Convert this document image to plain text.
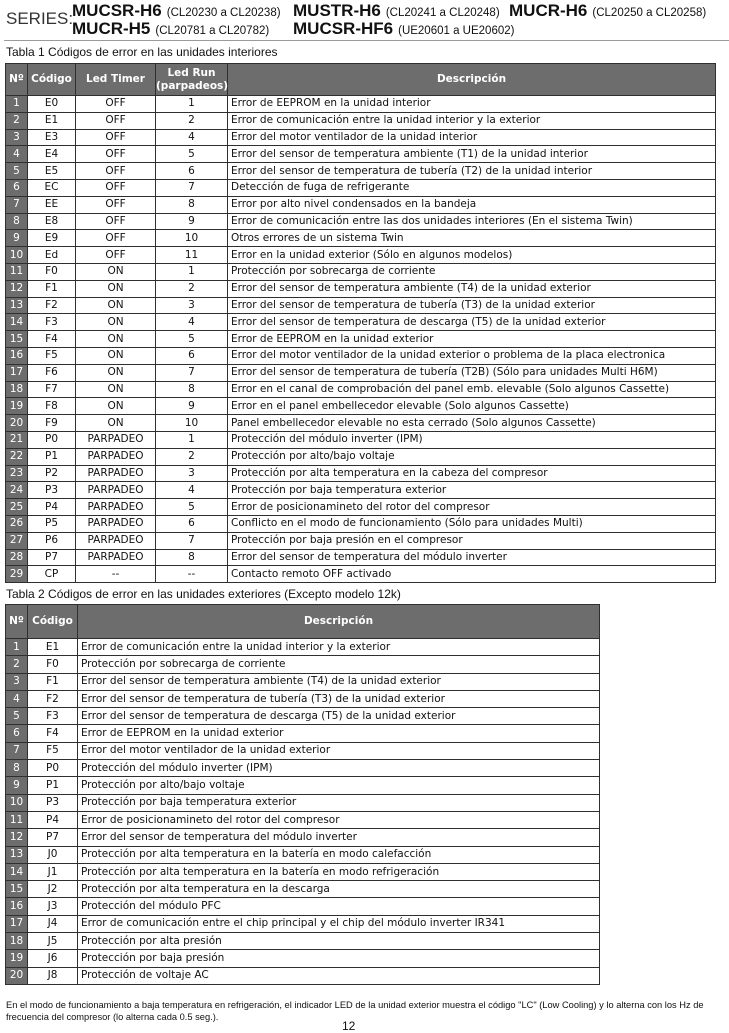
SERIES:
MUCSR-H6 (CL20230 a CL20238) MUSTR-H6 (CL20241 a CL20248) MUCR-H6 (CL20250 a CL20258)
MUCR-H5 (CL20781 a CL20782) MUCSR-HF6 (UE20601 a UE20602)
Tabla 1 Códigos de error en las unidades interiores
Nº	Código	Led Timer	Led Run (parpadeos)	Descripción
1	E0	OFF	1	Error de EEPROM en la unidad interior
2	E1	OFF	2	Error de comunicación entre la unidad interior y la exterior
3	E3	OFF	4	Error del motor ventilador de la unidad interior
4	E4	OFF	5	Error del sensor de temperatura ambiente (T1) de la unidad interior
5	E5	OFF	6	Error del sensor de temperatura de tubería (T2) de la unidad interior
6	EC	OFF	7	Detección de fuga de refrigerante
7	EE	OFF	8	Error por alto nivel condensados en la bandeja
8	E8	OFF	9	Error de comunicación entre las dos unidades interiores (En el sistema Twin)
9	E9	OFF	10	Otros errores de un sistema Twin
10	Ed	OFF	11	Error en la unidad exterior (Sólo en algunos modelos)
11	F0	ON	1	Protección por sobrecarga de corriente
12	F1	ON	2	Error del sensor de temperatura ambiente (T4) de la unidad exterior
13	F2	ON	3	Error del sensor de temperatura de tubería (T3) de la unidad exterior
14	F3	ON	4	Error del sensor de temperatura de descarga (T5) de la unidad exterior
15	F4	ON	5	Error de EEPROM en la unidad exterior
16	F5	ON	6	Error del motor ventilador de la unidad exterior o problema de la placa electronica
17	F6	ON	7	Error del sensor de temperatura de tubería (T2B) (Sólo para unidades Multi H6M)
18	F7	ON	8	Error en el canal de comprobación del panel emb. elevable (Solo algunos Cassette)
19	F8	ON	9	Error en el panel embellecedor elevable (Solo algunos Cassette)
20	F9	ON	10	Panel embellecedor elevable no esta cerrado (Solo algunos Cassette)
21	P0	PARPADEO	1	Protección del módulo inverter (IPM)
22	P1	PARPADEO	2	Protección por alto/bajo voltaje
23	P2	PARPADEO	3	Protección por alta temperatura en la cabeza del compresor
24	P3	PARPADEO	4	Protección por baja temperatura exterior
25	P4	PARPADEO	5	Error de posicionamineto del rotor del compresor
26	P5	PARPADEO	6	Conflicto en el modo de funcionamiento (Sólo para unidades Multi)
27	P6	PARPADEO	7	Protección por baja presión en el compresor
28	P7	PARPADEO	8	Error del sensor de temperatura del módulo inverter
29	CP	--	--	Contacto remoto OFF activado
Tabla 2 Códigos de error en las unidades exteriores (Excepto modelo 12k)
Nº	Código	Descripción
1	E1	Error de comunicación entre la unidad interior y la exterior
2	F0	Protección por sobrecarga de corriente
3	F1	Error del sensor de temperatura ambiente (T4) de la unidad exterior
4	F2	Error del sensor de temperatura de tubería (T3) de la unidad exterior
5	F3	Error del sensor de temperatura de descarga (T5) de la unidad exterior
6	F4	Error de EEPROM en la unidad exterior
7	F5	Error del motor ventilador de la unidad exterior
8	P0	Protección del módulo inverter (IPM)
9	P1	Protección por alto/bajo voltaje
10	P3	Protección por baja temperatura exterior
11	P4	Error de posicionamineto del rotor del compresor
12	P7	Error del sensor de temperatura del módulo inverter
13	J0	Protección por alta temperatura en la batería en modo calefacción
14	J1	Protección por alta temperatura en la batería en modo refrigeración
15	J2	Protección por alta temperatura en la descarga
16	J3	Protección del módulo PFC
17	J4	Error de comunicación entre el chip principal y el chip del módulo inverter IR341
18	J5	Protección por alta presión
19	J6	Protección por baja presión
20	J8	Protección de voltaje AC
En el modo de funcionamiento a baja temperatura en refrigeración, el indicador LED de la unidad exterior muestra el código "LC" (Low Cooling) y lo alterna con los Hz de frecuencia del compresor (lo alterna cada 0.5 seg.).
12
